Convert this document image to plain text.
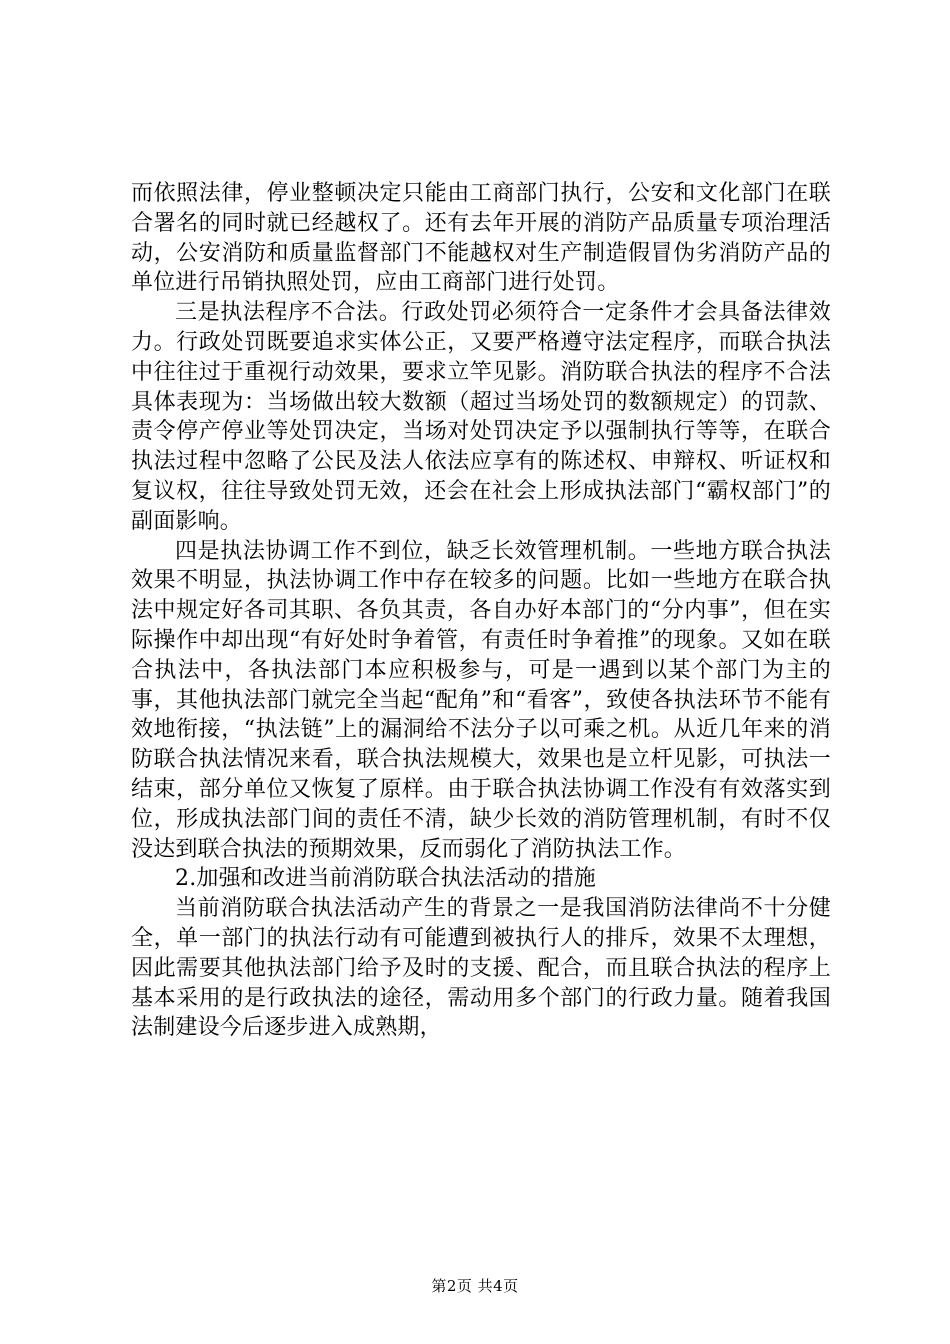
而依照法律，停业整顿决定只能由工商部门执行，公安和文化部门在联合署名的同时就已经越权了。还有去年开展的消防产品质量专项治理活动，公安消防和质量监督部门不能越权对生产制造假冒伪劣消防产品的单位进行吊销执照处罚，应由工商部门进行处罚。

三是执法程序不合法。行政处罚必须符合一定条件才会具备法律效力。行政处罚既要追求实体公正，又要严格遵守法定程序，而联合执法中往往过于重视行动效果，要求立竿见影。消防联合执法的程序不合法具体表现为：当场做出较大数额（超过当场处罚的数额规定）的罚款、责令停产停业等处罚决定，当场对处罚决定予以强制执行等等，在联合执法过程中忽略了公民及法人依法应享有的陈述权、申辩权、听证权和复议权，往往导致处罚无效，还会在社会上形成执法部门“霸权部门”的副面影响。

四是执法协调工作不到位，缺乏长效管理机制。一些地方联合执法效果不明显，执法协调工作中存在较多的问题。比如一些地方在联合执法中规定好各司其职、各负其责，各自办好本部门的“分内事”，但在实际操作中却出现“有好处时争着管，有责任时争着推”的现象。又如在联合执法中，各执法部门本应积极参与，可是一遇到以某个部门为主的事，其他执法部门就完全当起“配角”和“看客”，致使各执法环节不能有效地衔接，“执法链”上的漏洞给不法分子以可乘之机。从近几年来的消防联合执法情况来看，联合执法规模大，效果也是立杆见影，可执法一结束，部分单位又恢复了原样。由于联合执法协调工作没有有效落实到位，形成执法部门间的责任不清，缺少长效的消防管理机制，有时不仅没达到联合执法的预期效果，反而弱化了消防执法工作。

2.加强和改进当前消防联合执法活动的措施

当前消防联合执法活动产生的背景之一是我国消防法律尚不十分健全，单一部门的执法行动有可能遭到被执行人的排斥，效果不太理想，因此需要其他执法部门给予及时的支援、配合，而且联合执法的程序上基本采用的是行政执法的途径，需动用多个部门的行政力量。随着我国法制建设今后逐步进入成熟期，

第2页 共4页
